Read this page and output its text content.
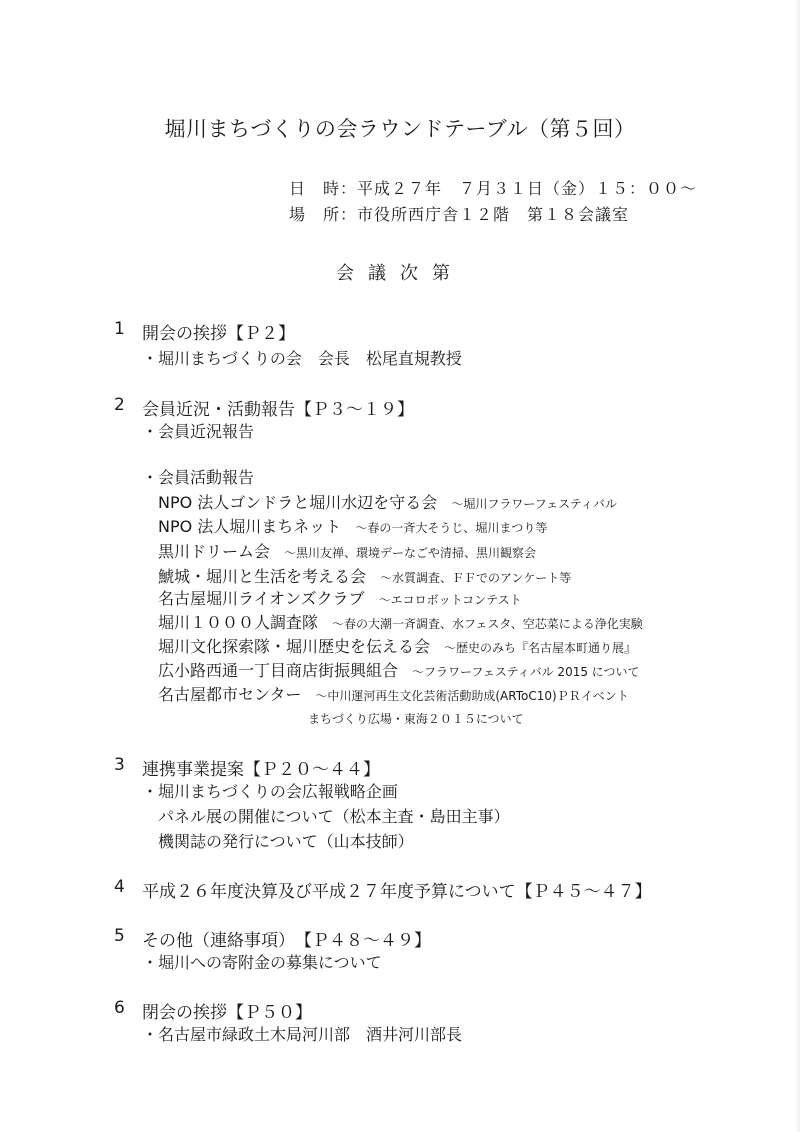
堀川まちづくりの会ラウンドテーブル（第５回）
日　時：平成２７年　７月３１日（金）１５：００～
場　所：市役所西庁舎１２階　第１８会議室
会議次第
1 開会の挨拶【Ｐ２】
・堀川まちづくりの会　会長　松尾直規教授
2 会員近況・活動報告【Ｐ３～１９】
・会員近況報告
・会員活動報告
NPO 法人ゴンドラと堀川水辺を守る会 ～堀川フラワーフェスティバル
NPO 法人堀川まちネット ～春の一斉大そうじ、堀川まつり等
黒川ドリーム会 ～黒川友禅、環境デーなごや清掃、黒川観察会
鯱城・堀川と生活を考える会 ～水質調査、ＦＦでのアンケート等
名古屋堀川ライオンズクラブ ～エコロボットコンテスト
堀川１０００人調査隊 ～春の大潮一斉調査、水フェスタ、空芯菜による浄化実験
堀川文化探索隊・堀川歴史を伝える会 ～歴史のみち『名古屋本町通り展』
広小路西通一丁目商店街振興組合 ～フラワーフェスティバル 2015 について
名古屋都市センター ～中川運河再生文化芸術活動助成(ARToC10)ＰＲイベント
まちづくり広場・東海２０１５について
3 連携事業提案【Ｐ２０～４４】
・堀川まちづくりの会広報戦略企画
パネル展の開催について（松本主査・島田主事）
機関誌の発行について（山本技師）
4 平成２６年度決算及び平成２７年度予算について【Ｐ４５～４７】
5 その他（連絡事項）　【Ｐ４８～４９】
・堀川への寄附金の募集について
6 閉会の挨拶【Ｐ５０】
・名古屋市緑政土木局河川部　酒井河川部長
